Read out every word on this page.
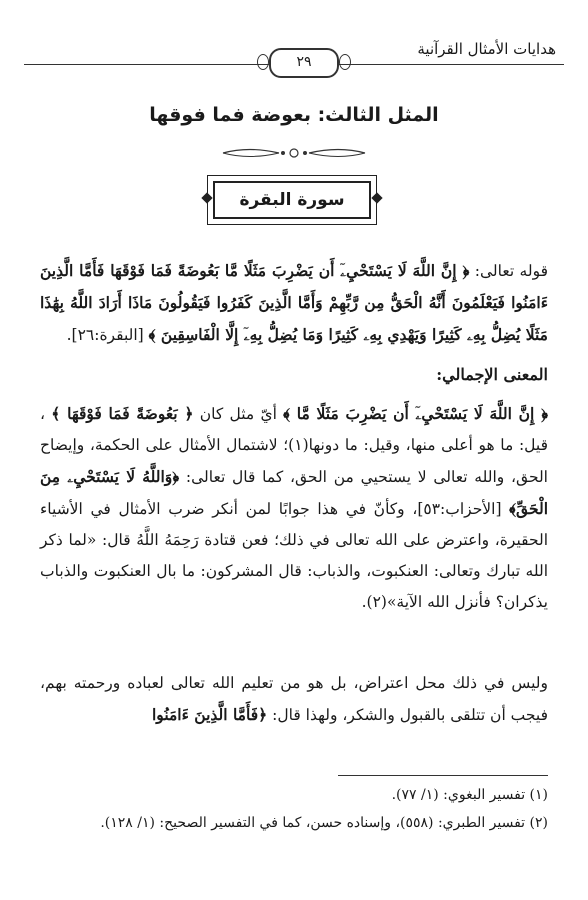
هدايات الأمثال القرآنية
٢٩
المثل الثالث: بعوضة فما فوقها
سورة البقرة

قوله تعالى: ﴿ إِنَّ اللَّهَ لَا يَسْتَحْيِۦٓ أَن يَضْرِبَ مَثَلًا مَّا بَعُوضَةً فَمَا فَوْقَهَا فَأَمَّا الَّذِينَ ءَامَنُوا فَيَعْلَمُونَ أَنَّهُ الْحَقُّ مِن رَّبِّهِمْ وَأَمَّا الَّذِينَ كَفَرُوا فَيَقُولُونَ مَاذَا أَرَادَ اللَّهُ بِهَٰذَا مَثَلًا يُضِلُّ بِهِۦ كَثِيرًا وَيَهْدِي بِهِۦ كَثِيرًا وَمَا يُضِلُّ بِهِۦٓ إِلَّا الْفَاسِقِينَ ﴾ [البقرة:٢٦].

المعنى الإجمالي:

﴿ إِنَّ اللَّهَ لَا يَسْتَحْيِۦٓ أَن يَضْرِبَ مَثَلًا مَّا ﴾ أيّ مثل كان ﴿ بَعُوضَةً فَمَا فَوْقَهَا ﴾ ، قيل: ما هو أعلى منها، وقيل: ما دونها(١)؛ لاشتمال الأمثال على الحكمة، وإيضاح الحق، والله تعالى لا يستحيي من الحق، كما قال تعالى: ﴿وَاللَّهُ لَا يَسْتَحْيِۦ مِنَ الْحَقِّ﴾ [الأحزاب:٥٣]، وكأنّ في هذا جوابًا لمن أنكر ضرب الأمثال في الأشياء الحقيرة، واعترض على الله تعالى في ذلك؛ فعن قتادة رَحِمَهُ اللَّهُ قال: «لما ذكر الله تبارك وتعالى: العنكبوت، والذباب: قال المشركون: ما بال العنكبوت والذباب يذكران؟ فأنزل الله الآية»(٢).

وليس في ذلك محل اعتراض، بل هو من تعليم الله تعالى لعباده ورحمته بهم، فيجب أن تتلقى بالقبول والشكر، ولهذا قال: ﴿فَأَمَّا الَّذِينَ ءَامَنُوا

(١) تفسير البغوي: (١/ ٧٧).
(٢) تفسير الطبري: (٥٥٨)، وإسناده حسن، كما في التفسير الصحيح: (١/ ١٢٨).
